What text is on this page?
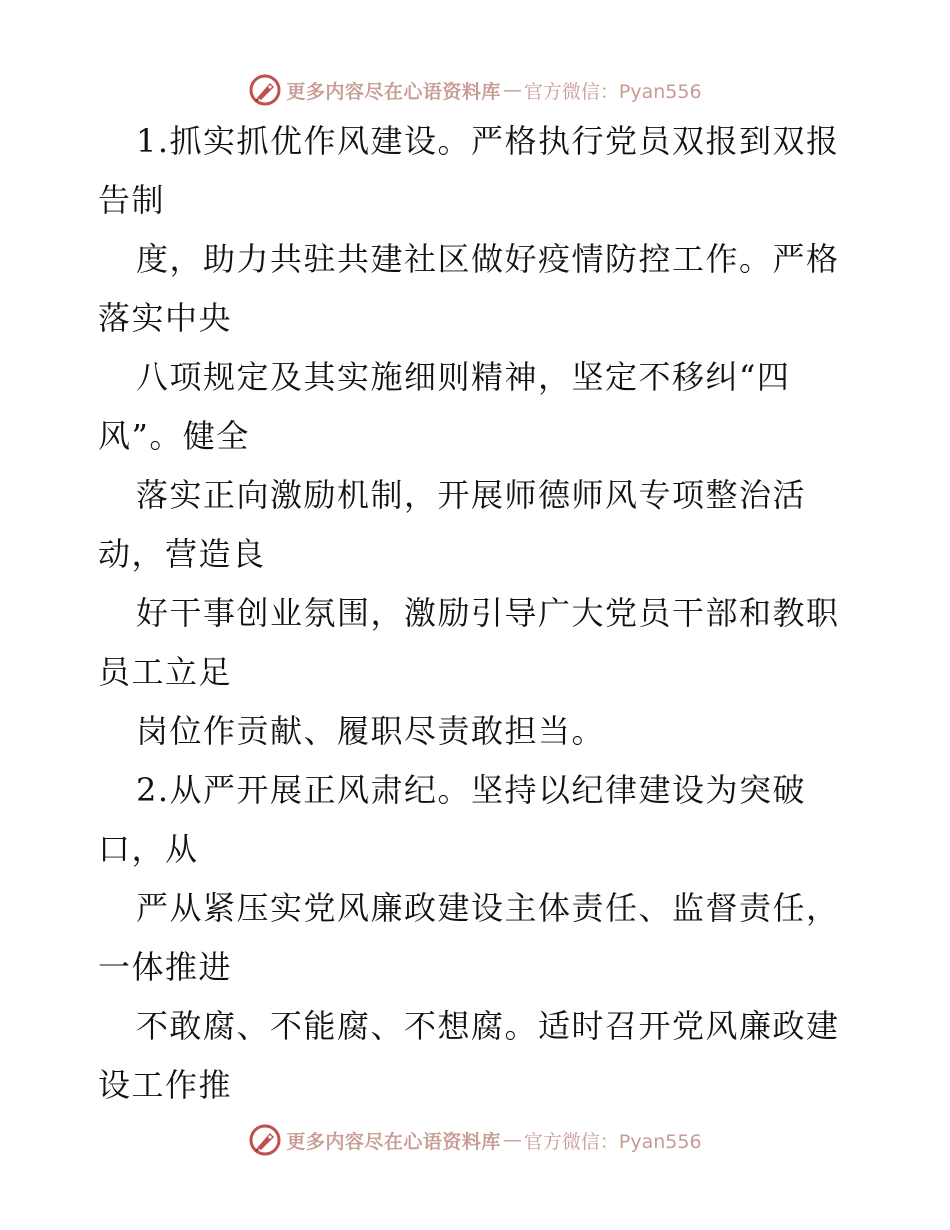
更多内容尽在心语资料库 — 官方微信：Pyan556
1.抓实抓优作风建设。严格执行党员双报到双报
告制
度，助力共驻共建社区做好疫情防控工作。严格
落实中央
八项规定及其实施细则精神，坚定不移纠“四
风”。健全
落实正向激励机制，开展师德师风专项整治活
动，营造良
好干事创业氛围，激励引导广大党员干部和教职
员工立足
岗位作贡献、履职尽责敢担当。
2.从严开展正风肃纪。坚持以纪律建设为突破
口，从
严从紧压实党风廉政建设主体责任、监督责任，
一体推进
不敢腐、不能腐、不想腐。适时召开党风廉政建
设工作推
更多内容尽在心语资料库 — 官方微信：Pyan556
